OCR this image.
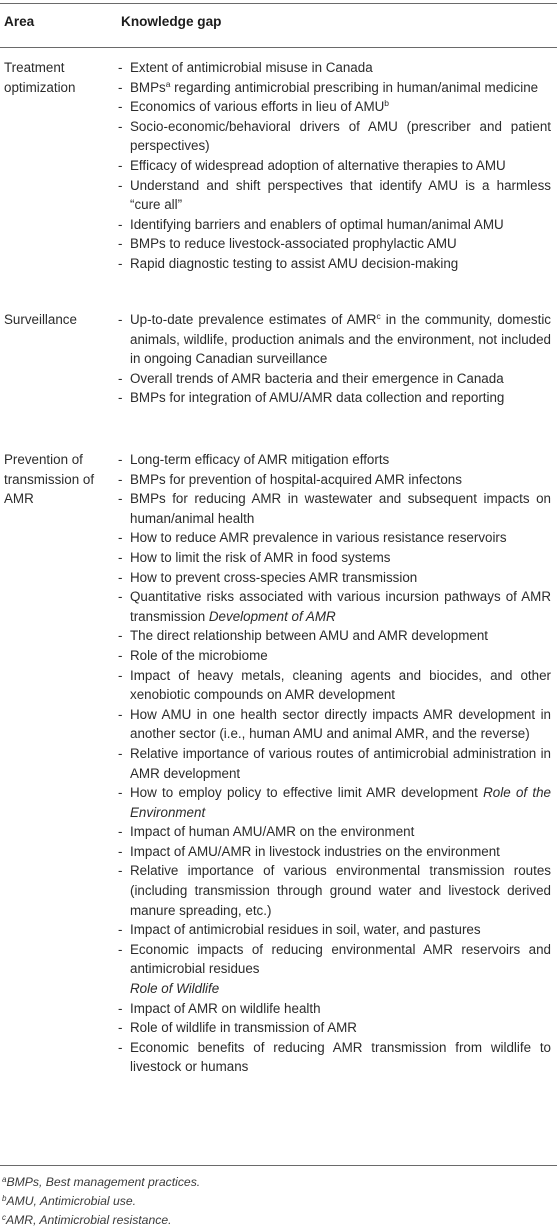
Area	Knowledge gap
Treatment optimization
- Extent of antimicrobial misuse in Canada
- BMPs$^a$ regarding antimicrobial prescribing in human/animal medicine
- Economics of various efforts in lieu of AMU$^b$
- Socio-economic/behavioral drivers of AMU (prescriber and patient perspectives)
- Efficacy of widespread adoption of alternative therapies to AMU
- Understand and shift perspectives that identify AMU is a harmless “cure all”
- Identifying barriers and enablers of optimal human/animal AMU
- BMPs to reduce livestock-associated prophylactic AMU
- Rapid diagnostic testing to assist AMU decision-making
Surveillance	- Up-to-date prevalence estimates of AMR$^c$ in the community, domestic animals, wildlife, production animals and the environment, not included in ongoing Canadian surveillance
- Overall trends of AMR bacteria and their emergence in Canada
- BMPs for integration of AMU/AMR data collection and reporting
Prevention of transmission of AMR
- Long-term efficacy of AMR mitigation efforts
- BMPs for prevention of hospital-acquired AMR infectons
- BMPs for reducing AMR in wastewater and subsequent impacts on human/animal health
- How to reduce AMR prevalence in various resistance reservoirs
- How to limit the risk of AMR in food systems
- How to prevent cross-species AMR transmission
- Quantitative risks associated with various incursion pathways of AMR transmission Development of AMR
- The direct relationship between AMU and AMR development
- Role of the microbiome
- Impact of heavy metals, cleaning agents and biocides, and other xenobiotic compounds on AMR development
- How AMU in one health sector directly impacts AMR development in another sector (i.e., human AMU and animal AMR, and the reverse)
- Relative importance of various routes of antimicrobial administration in AMR development
- How to employ policy to effective limit AMR development Role of the Environment
- Impact of human AMU/AMR on the environment
- Impact of AMU/AMR in livestock industries on the environment
- Relative importance of various environmental transmission routes (including transmission through ground water and livestock derived manure spreading, etc.)
- Impact of antimicrobial residues in soil, water, and pastures
- Economic impacts of reducing environmental AMR reservoirs and antimicrobial residues
Role of Wildlife
- Impact of AMR on wildlife health
- Role of wildlife in transmission of AMR
- Economic benefits of reducing AMR transmission from wildlife to livestock or humans
$^a$BMPs, Best management practices.
$^b$AMU, Antimicrobial use.
$^c$AMR, Antimicrobial resistance.
